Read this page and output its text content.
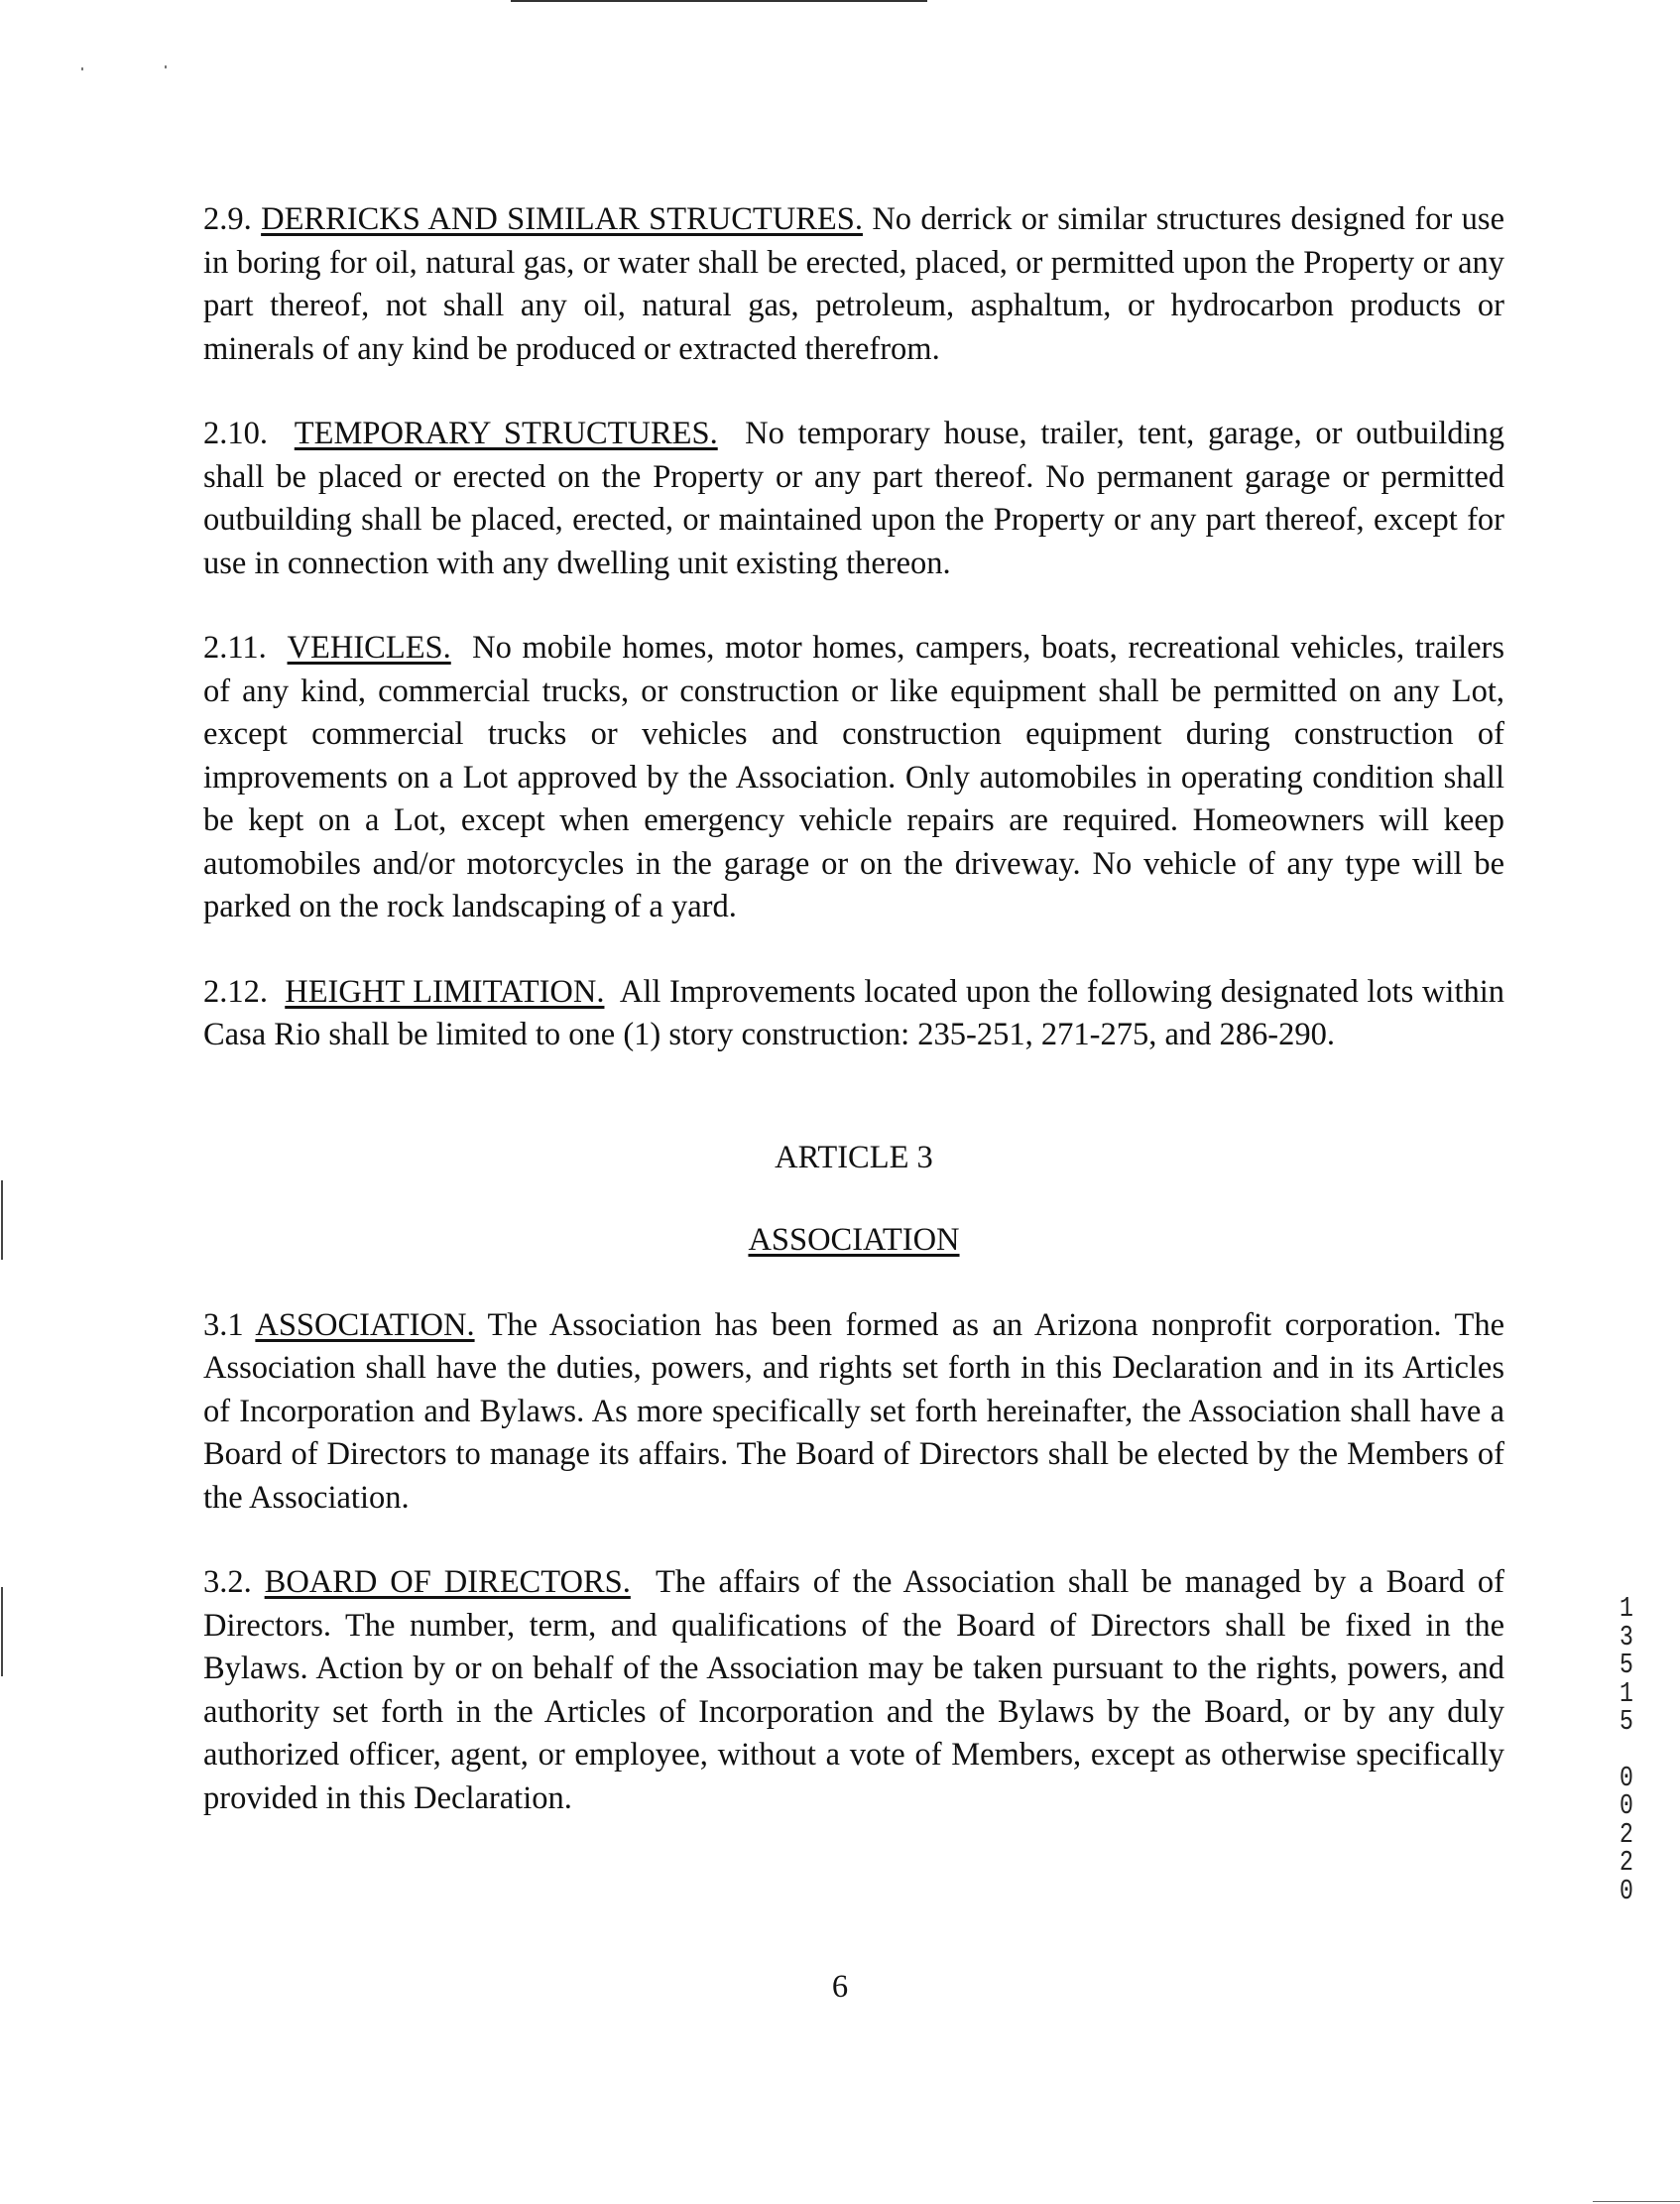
2.9. DERRICKS AND SIMILAR STRUCTURES. No derrick or similar structures designed for use in boring for oil, natural gas, or water shall be erected, placed, or permitted upon the Property or any part thereof, not shall any oil, natural gas, petroleum, asphaltum, or hydrocarbon products or minerals of any kind be produced or extracted therefrom.

2.10. TEMPORARY STRUCTURES. No temporary house, trailer, tent, garage, or outbuilding shall be placed or erected on the Property or any part thereof. No permanent garage or permitted outbuilding shall be placed, erected, or maintained upon the Property or any part thereof, except for use in connection with any dwelling unit existing thereon.

2.11. VEHICLES. No mobile homes, motor homes, campers, boats, recreational vehicles, trailers of any kind, commercial trucks, or construction or like equipment shall be permitted on any Lot, except commercial trucks or vehicles and construction equipment during construction of improvements on a Lot approved by the Association. Only automobiles in operating condition shall be kept on a Lot, except when emergency vehicle repairs are required. Homeowners will keep automobiles and/or motorcycles in the garage or on the driveway. No vehicle of any type will be parked on the rock landscaping of a yard.

2.12. HEIGHT LIMITATION. All Improvements located upon the following designated lots within Casa Rio shall be limited to one (1) story construction: 235-251, 271-275, and 286-290.

ARTICLE 3

ASSOCIATION

3.1 ASSOCIATION. The Association has been formed as an Arizona nonprofit corporation. The Association shall have the duties, powers, and rights set forth in this Declaration and in its Articles of Incorporation and Bylaws. As more specifically set forth hereinafter, the Association shall have a Board of Directors to manage its affairs. The Board of Directors shall be elected by the Members of the Association.

3.2. BOARD OF DIRECTORS. The affairs of the Association shall be managed by a Board of Directors. The number, term, and qualifications of the Board of Directors shall be fixed in the Bylaws. Action by or on behalf of the Association may be taken pursuant to the rights, powers, and authority set forth in the Articles of Incorporation and the Bylaws by the Board, or by any duly authorized officer, agent, or employee, without a vote of Members, except as otherwise specifically provided in this Declaration.

6
1
3
5
1
5
0
0
2
2
0
